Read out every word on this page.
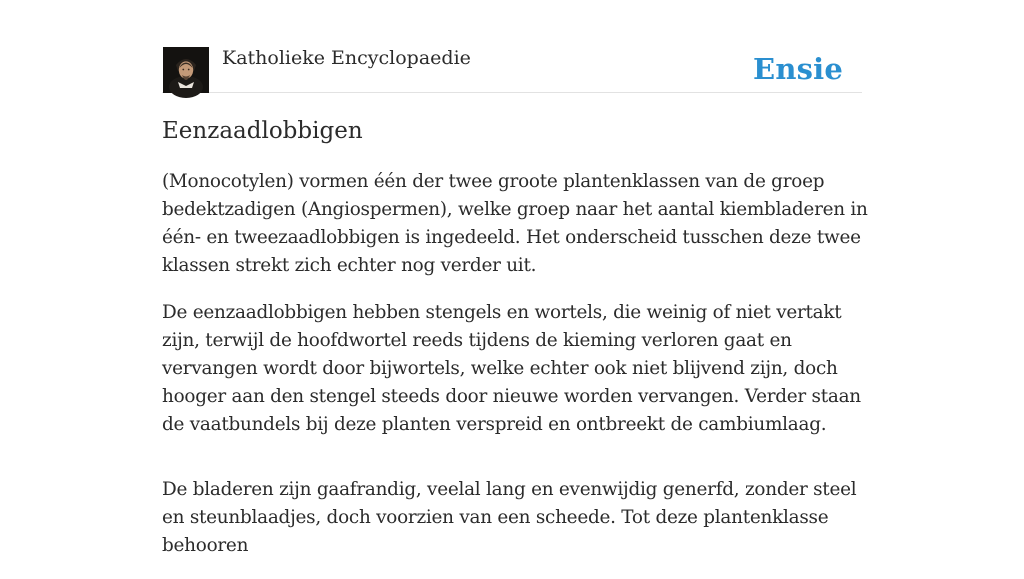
Katholieke Encyclopaedie	Ensie
Eenzaadlobbigen

(Monocotylen) vormen één der twee groote plantenklassen van de groep bedektzadigen (Angiospermen), welke groep naar het aantal kiembladeren in één- en tweezaadlobbigen is ingedeeld. Het onderscheid tusschen deze twee klassen strekt zich echter nog verder uit.

De eenzaadlobbigen hebben stengels en wortels, die weinig of niet vertakt zijn, terwijl de hoofdwortel reeds tijdens de kieming verloren gaat en vervangen wordt door bijwortels, welke echter ook niet blijvend zijn, doch hooger aan den stengel steeds door nieuwe worden vervangen. Verder staan de vaatbundels bij deze planten verspreid en ontbreekt de cambiumlaag.

De bladeren zijn gaafrandig, veelal lang en evenwijdig generfd, zonder steel en steunblaadjes, doch voorzien van een scheede. Tot deze plantenklasse behooren
